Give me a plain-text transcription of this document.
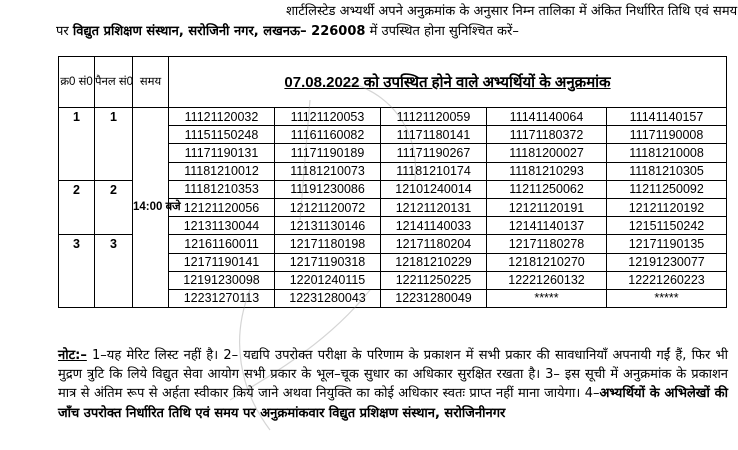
शार्टलिस्टेड अभ्यर्थी अपने अनुक्रमांक के अनुसार निम्न तालिका में अंकित निर्धारित तिथि एवं समय
पर विद्युत प्रशिक्षण संस्थान, सरोजिनी नगर, लखनऊ– 226008 में उपस्थित होना सुनिश्चित करें–
क्र0 सं0	पैनल सं0	समय	07.08.2022 को उपस्थित होने वाले अभ्यर्थियों के अनुक्रमांक				
1	1		11121120032	11121120053	11121120059	11141140064	11141140157
			11151150248	11161160082	11171180141	11171180372	11171190008
			11171190131	11171190189	11171190267	11181200027	11181210008
			11181210012	11181210073	11181210174	11181210293	11181210305
2	2	14:00 बजे	11181210353	11191230086	12101240014	11211250062	11211250092
			12121120056	12121120072	12121120131	12121120191	12121120192
			12131130044	12131130146	12141140033	12141140137	12151150242
3	3		12161160011	12171180198	12171180204	12171180278	12171190135
			12171190141	12171190318	12181210229	12181210270	12191230077
			12191230098	12201240115	12211250225	12221260132	12221260223
			12231270113	12231280043	12231280049	*****	*****
नोट:– 1–यह मेरिट लिस्ट नहीं है। 2– यद्यपि उपरोक्त परीक्षा के परिणाम के प्रकाशन में सभी प्रकार की सावधानियाँ अपनायी गईं हैं, फिर भी मुद्रण त्रुटि कि लिये विद्युत सेवा आयोग सभी प्रकार के भूल–चूक सुधार का अधिकार सुरक्षित रखता है। 3– इस सूची में अनुक्रमांक के प्रकाशन मात्र से अंतिम रूप से अर्हता स्वीकार किये जाने अथवा नियुक्ति का कोई अधिकार स्वतः प्राप्त नहीं माना जायेगा। 4–अभ्यर्थियों के अभिलेखों की जाँच उपरोक्त निर्धारित तिथि एवं समय पर अनुक्रमांकवार विद्युत प्रशिक्षण संस्थान, सरोजिनीनगर
